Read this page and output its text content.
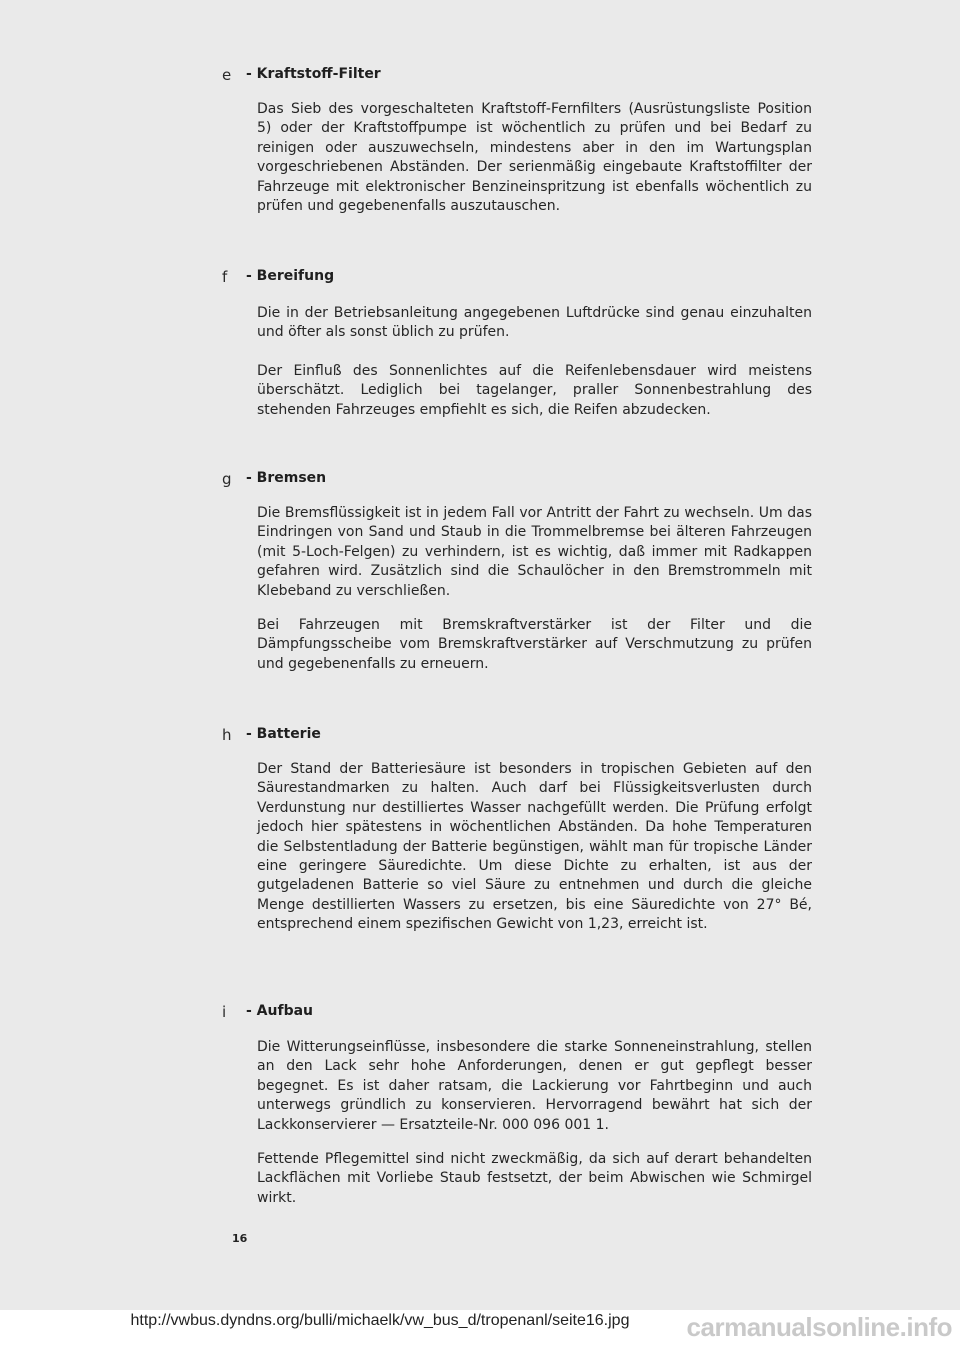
e - Kraftstoff-Filter

Das Sieb des vorgeschalteten Kraftstoff-Fernfilters (Ausrüstungsliste Position 5) oder der Kraftstoffpumpe ist wöchentlich zu prüfen und bei Bedarf zu reinigen oder auszuwechseln, mindestens aber in den im Wartungsplan vorgeschriebenen Abständen. Der serienmäßig eingebaute Kraftstoffilter der Fahrzeuge mit elektronischer Benzineinspritzung ist ebenfalls wöchentlich zu prüfen und gegebenenfalls auszutauschen.

f - Bereifung

Die in der Betriebsanleitung angegebenen Luftdrücke sind genau einzuhalten und öfter als sonst üblich zu prüfen.

Der Einfluß des Sonnenlichtes auf die Reifenlebensdauer wird meistens überschätzt. Lediglich bei tagelanger, praller Sonnenbestrahlung des stehenden Fahrzeuges empfiehlt es sich, die Reifen abzudecken.

g - Bremsen

Die Bremsflüssigkeit ist in jedem Fall vor Antritt der Fahrt zu wechseln. Um das Eindringen von Sand und Staub in die Trommelbremse bei älteren Fahrzeugen (mit 5-Loch-Felgen) zu verhindern, ist es wichtig, daß immer mit Radkappen gefahren wird. Zusätzlich sind die Schaulöcher in den Bremstrommeln mit Klebeband zu verschließen.

Bei Fahrzeugen mit Bremskraftverstärker ist der Filter und die Dämpfungsscheibe vom Bremskraftverstärker auf Verschmutzung zu prüfen und gegebenenfalls zu erneuern.

h - Batterie

Der Stand der Batteriesäure ist besonders in tropischen Gebieten auf den Säurestandmarken zu halten. Auch darf bei Flüssigkeitsverlusten durch Verdunstung nur destilliertes Wasser nachgefüllt werden. Die Prüfung erfolgt jedoch hier spätestens in wöchentlichen Abständen. Da hohe Temperaturen die Selbstentladung der Batterie begünstigen, wählt man für tropische Länder eine geringere Säuredichte. Um diese Dichte zu erhalten, ist aus der gutgeladenen Batterie so viel Säure zu entnehmen und durch die gleiche Menge destillierten Wassers zu ersetzen, bis eine Säuredichte von 27° Bé, entsprechend einem spezifischen Gewicht von 1,23, erreicht ist.

i - Aufbau

Die Witterungseinflüsse, insbesondere die starke Sonneneinstrahlung, stellen an den Lack sehr hohe Anforderungen, denen er gut gepflegt besser begegnet. Es ist daher ratsam, die Lackierung vor Fahrtbeginn und auch unterwegs gründlich zu konservieren. Hervorragend bewährt hat sich der Lackkonservierer — Ersatzteile-Nr. 000 096 001 1.

Fettende Pflegemittel sind nicht zweckmäßig, da sich auf derart behandelten Lackflächen mit Vorliebe Staub festsetzt, der beim Abwischen wie Schmirgel wirkt.

16
http://vwbus.dyndns.org/bulli/michaelk/vw_bus_d/tropenanl/seite16.jpg	carmanualsonline.info
